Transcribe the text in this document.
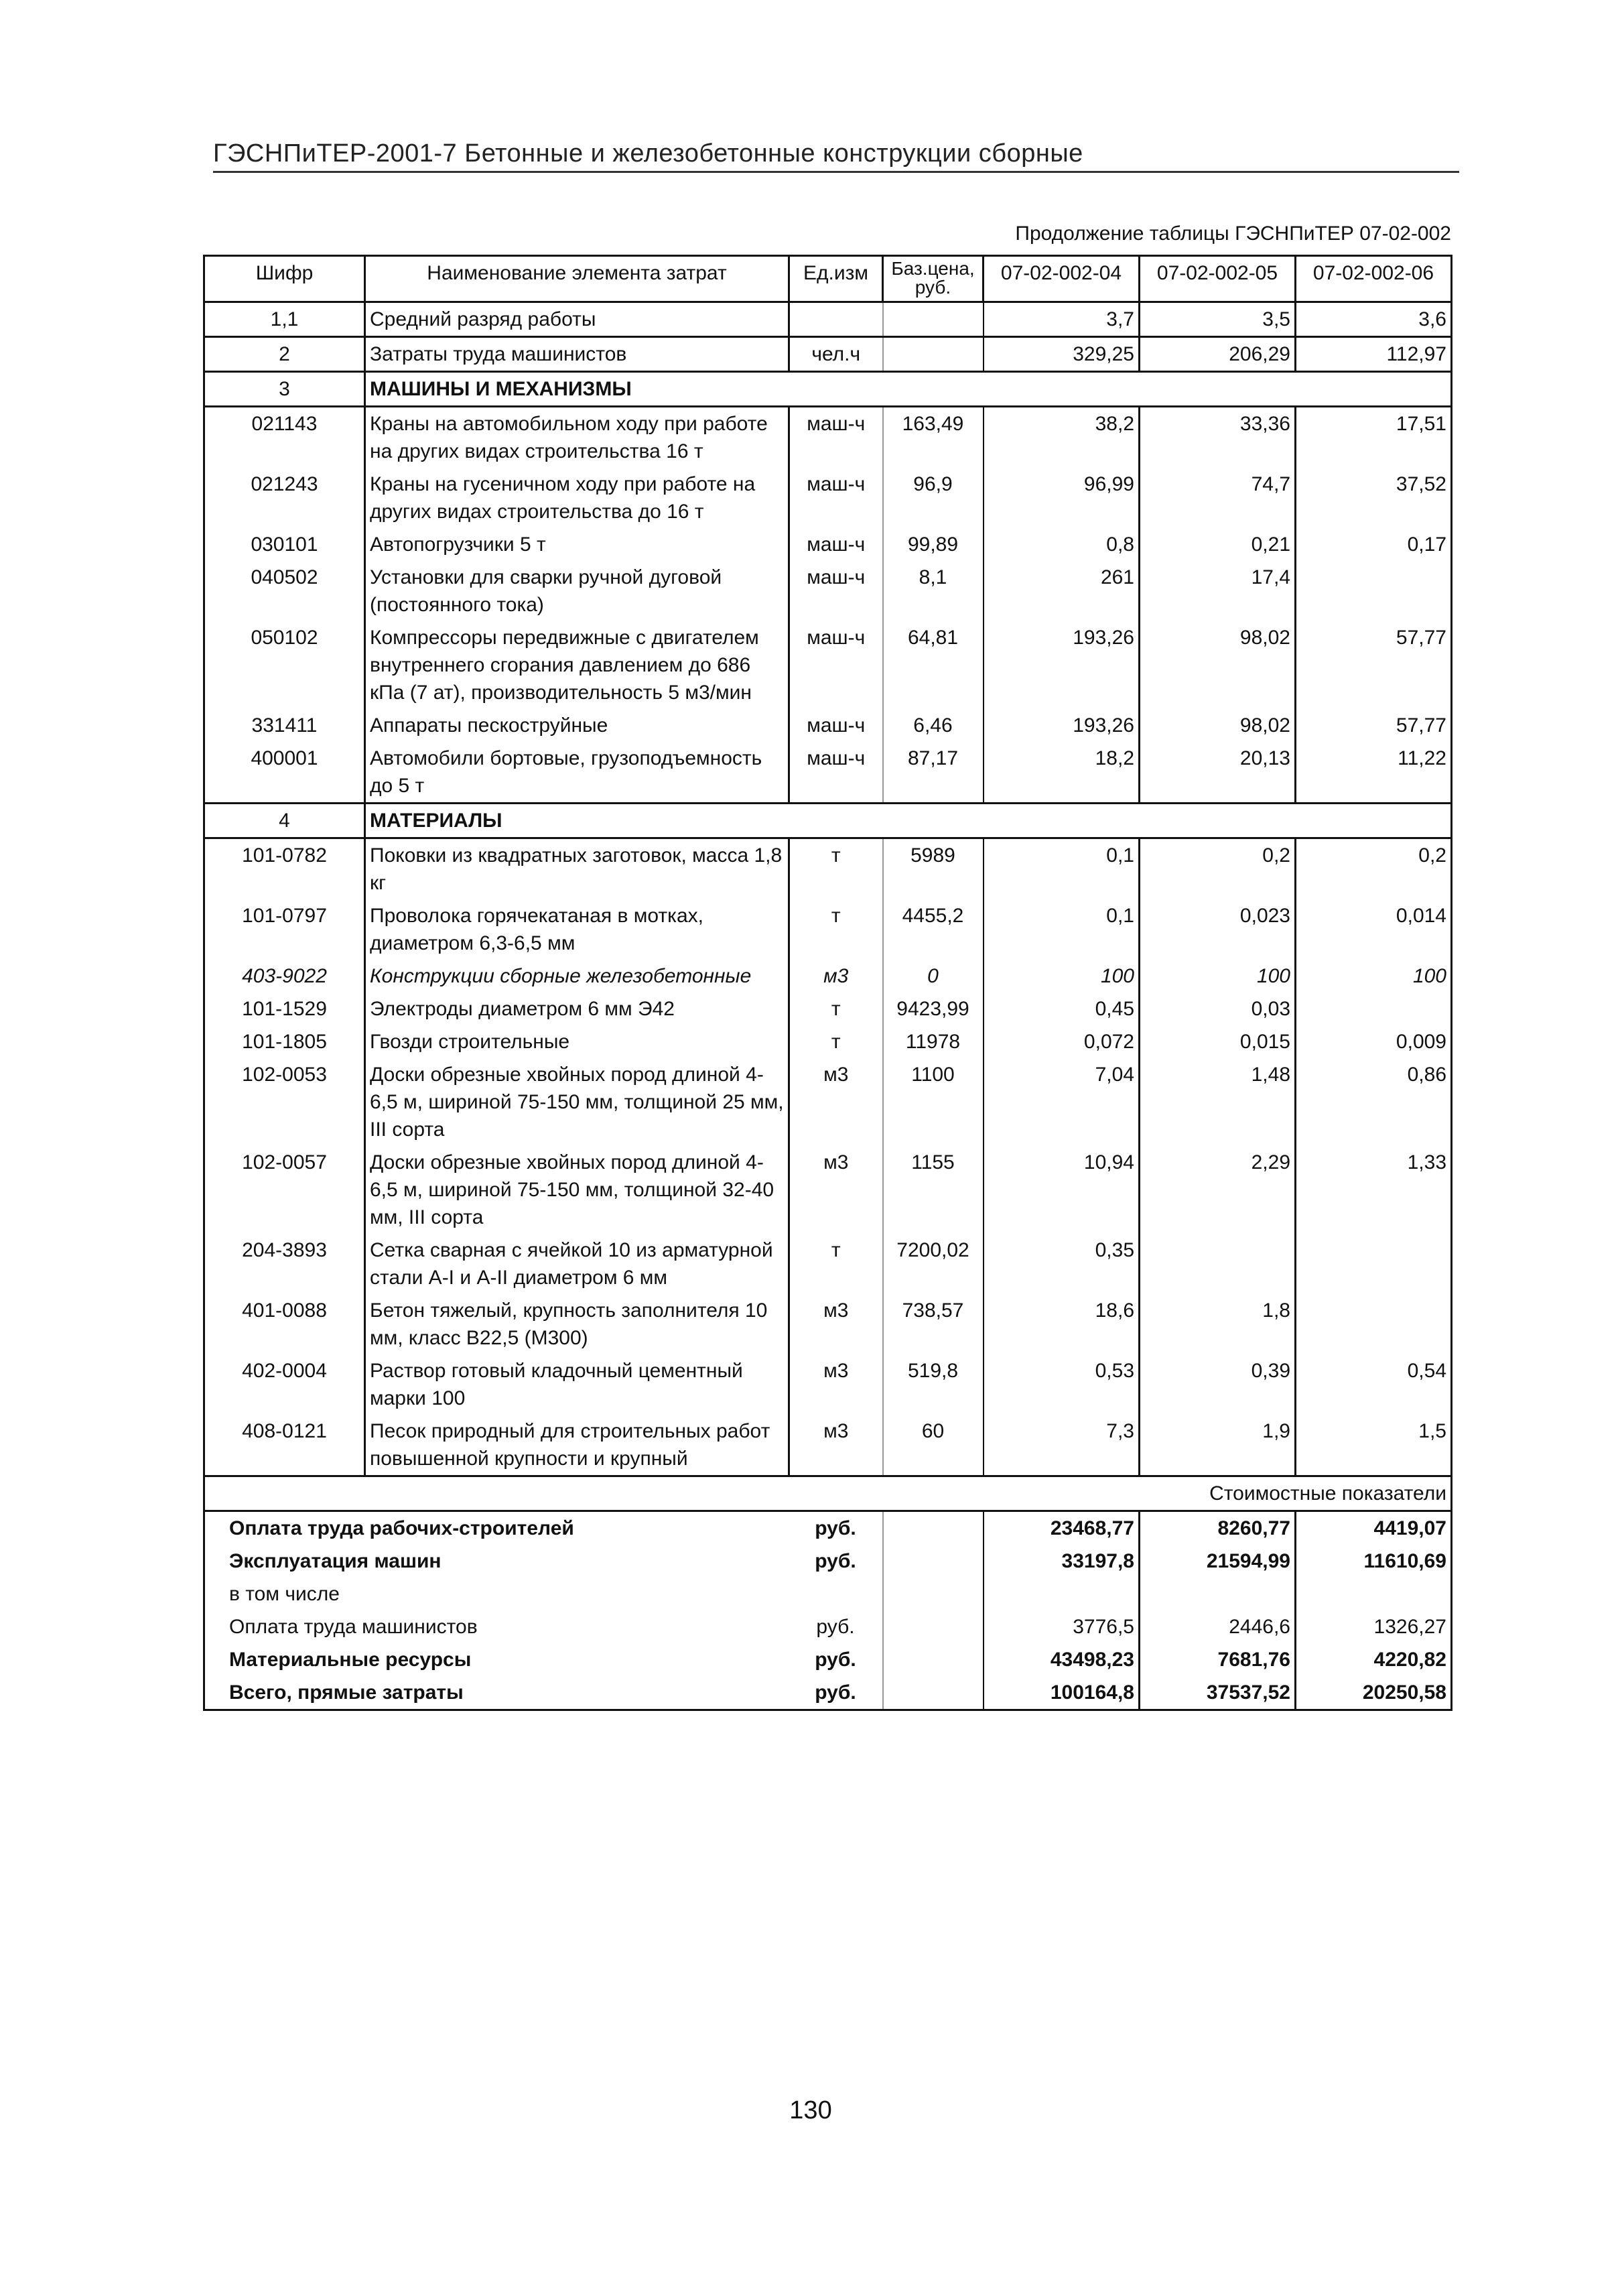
ГЭСНПиТЕР-2001-7 Бетонные и железобетонные конструкции сборные
Продолжение таблицы ГЭСНПиТЕР 07-02-002
Шифр	Наименование элемента затрат	Ед.изм	Баз.цена, руб.	07-02-002-04	07-02-002-05	07-02-002-06
1,1	Средний разряд работы			3,7	3,5	3,6
2	Затраты труда машинистов	чел.ч		329,25	206,29	112,97
3	МАШИНЫ И МЕХАНИЗМЫ					
021143	Краны на автомобильном ходу при работе на других видах строительства 16 т	маш-ч	163,49	38,2	33,36	17,51
021243	Краны на гусеничном ходу при работе на других видах строительства до 16 т	маш-ч	96,9	96,99	74,7	37,52
030101	Автопогрузчики 5 т	маш-ч	99,89	0,8	0,21	0,17
040502	Установки для сварки ручной дуговой (постоянного тока)	маш-ч	8,1	261	17,4	
050102	Компрессоры передвижные с двигателем внутреннего сгорания давлением до 686 кПа (7 ат), производительность 5 м3/мин	маш-ч	64,81	193,26	98,02	57,77
331411	Аппараты пескоструйные	маш-ч	6,46	193,26	98,02	57,77
400001	Автомобили бортовые, грузоподъемность до 5 т	маш-ч	87,17	18,2	20,13	11,22
4	МАТЕРИАЛЫ					
101-0782	Поковки из квадратных заготовок, масса 1,8 кг	т	5989	0,1	0,2	0,2
101-0797	Проволока горячекатаная в мотках, диаметром 6,3-6,5 мм	т	4455,2	0,1	0,023	0,014
403-9022	Конструкции сборные железобетонные	м3	0	100	100	100
101-1529	Электроды диаметром 6 мм Э42	т	9423,99	0,45	0,03	
101-1805	Гвозди строительные	т	11978	0,072	0,015	0,009
102-0053	Доски обрезные хвойных пород длиной 4-6,5 м, шириной 75-150 мм, толщиной 25 мм, III сорта	м3	1100	7,04	1,48	0,86
102-0057	Доски обрезные хвойных пород длиной 4-6,5 м, шириной 75-150 мм, толщиной 32-40 мм, III сорта	м3	1155	10,94	2,29	1,33
204-3893	Сетка сварная с ячейкой 10 из арматурной стали А-I и А-II диаметром 6 мм	т	7200,02	0,35		
401-0088	Бетон тяжелый, крупность заполнителя 10 мм, класс В22,5 (М300)	м3	738,57	18,6	1,8	
402-0004	Раствор готовый кладочный цементный марки 100	м3	519,8	0,53	0,39	0,54
408-0121	Песок природный для строительных работ повышенной крупности и крупный	м3	60	7,3	1,9	1,5
Стоимостные показатели						
Оплата труда рабочих-строителей		руб.		23468,77	8260,77	4419,07
Эксплуатация машин		руб.		33197,8	21594,99	11610,69
в том числе						
Оплата труда машинистов		руб.		3776,5	2446,6	1326,27
Материальные ресурсы		руб.		43498,23	7681,76	4220,82
Всего, прямые затраты		руб.		100164,8	37537,52	20250,58
130
